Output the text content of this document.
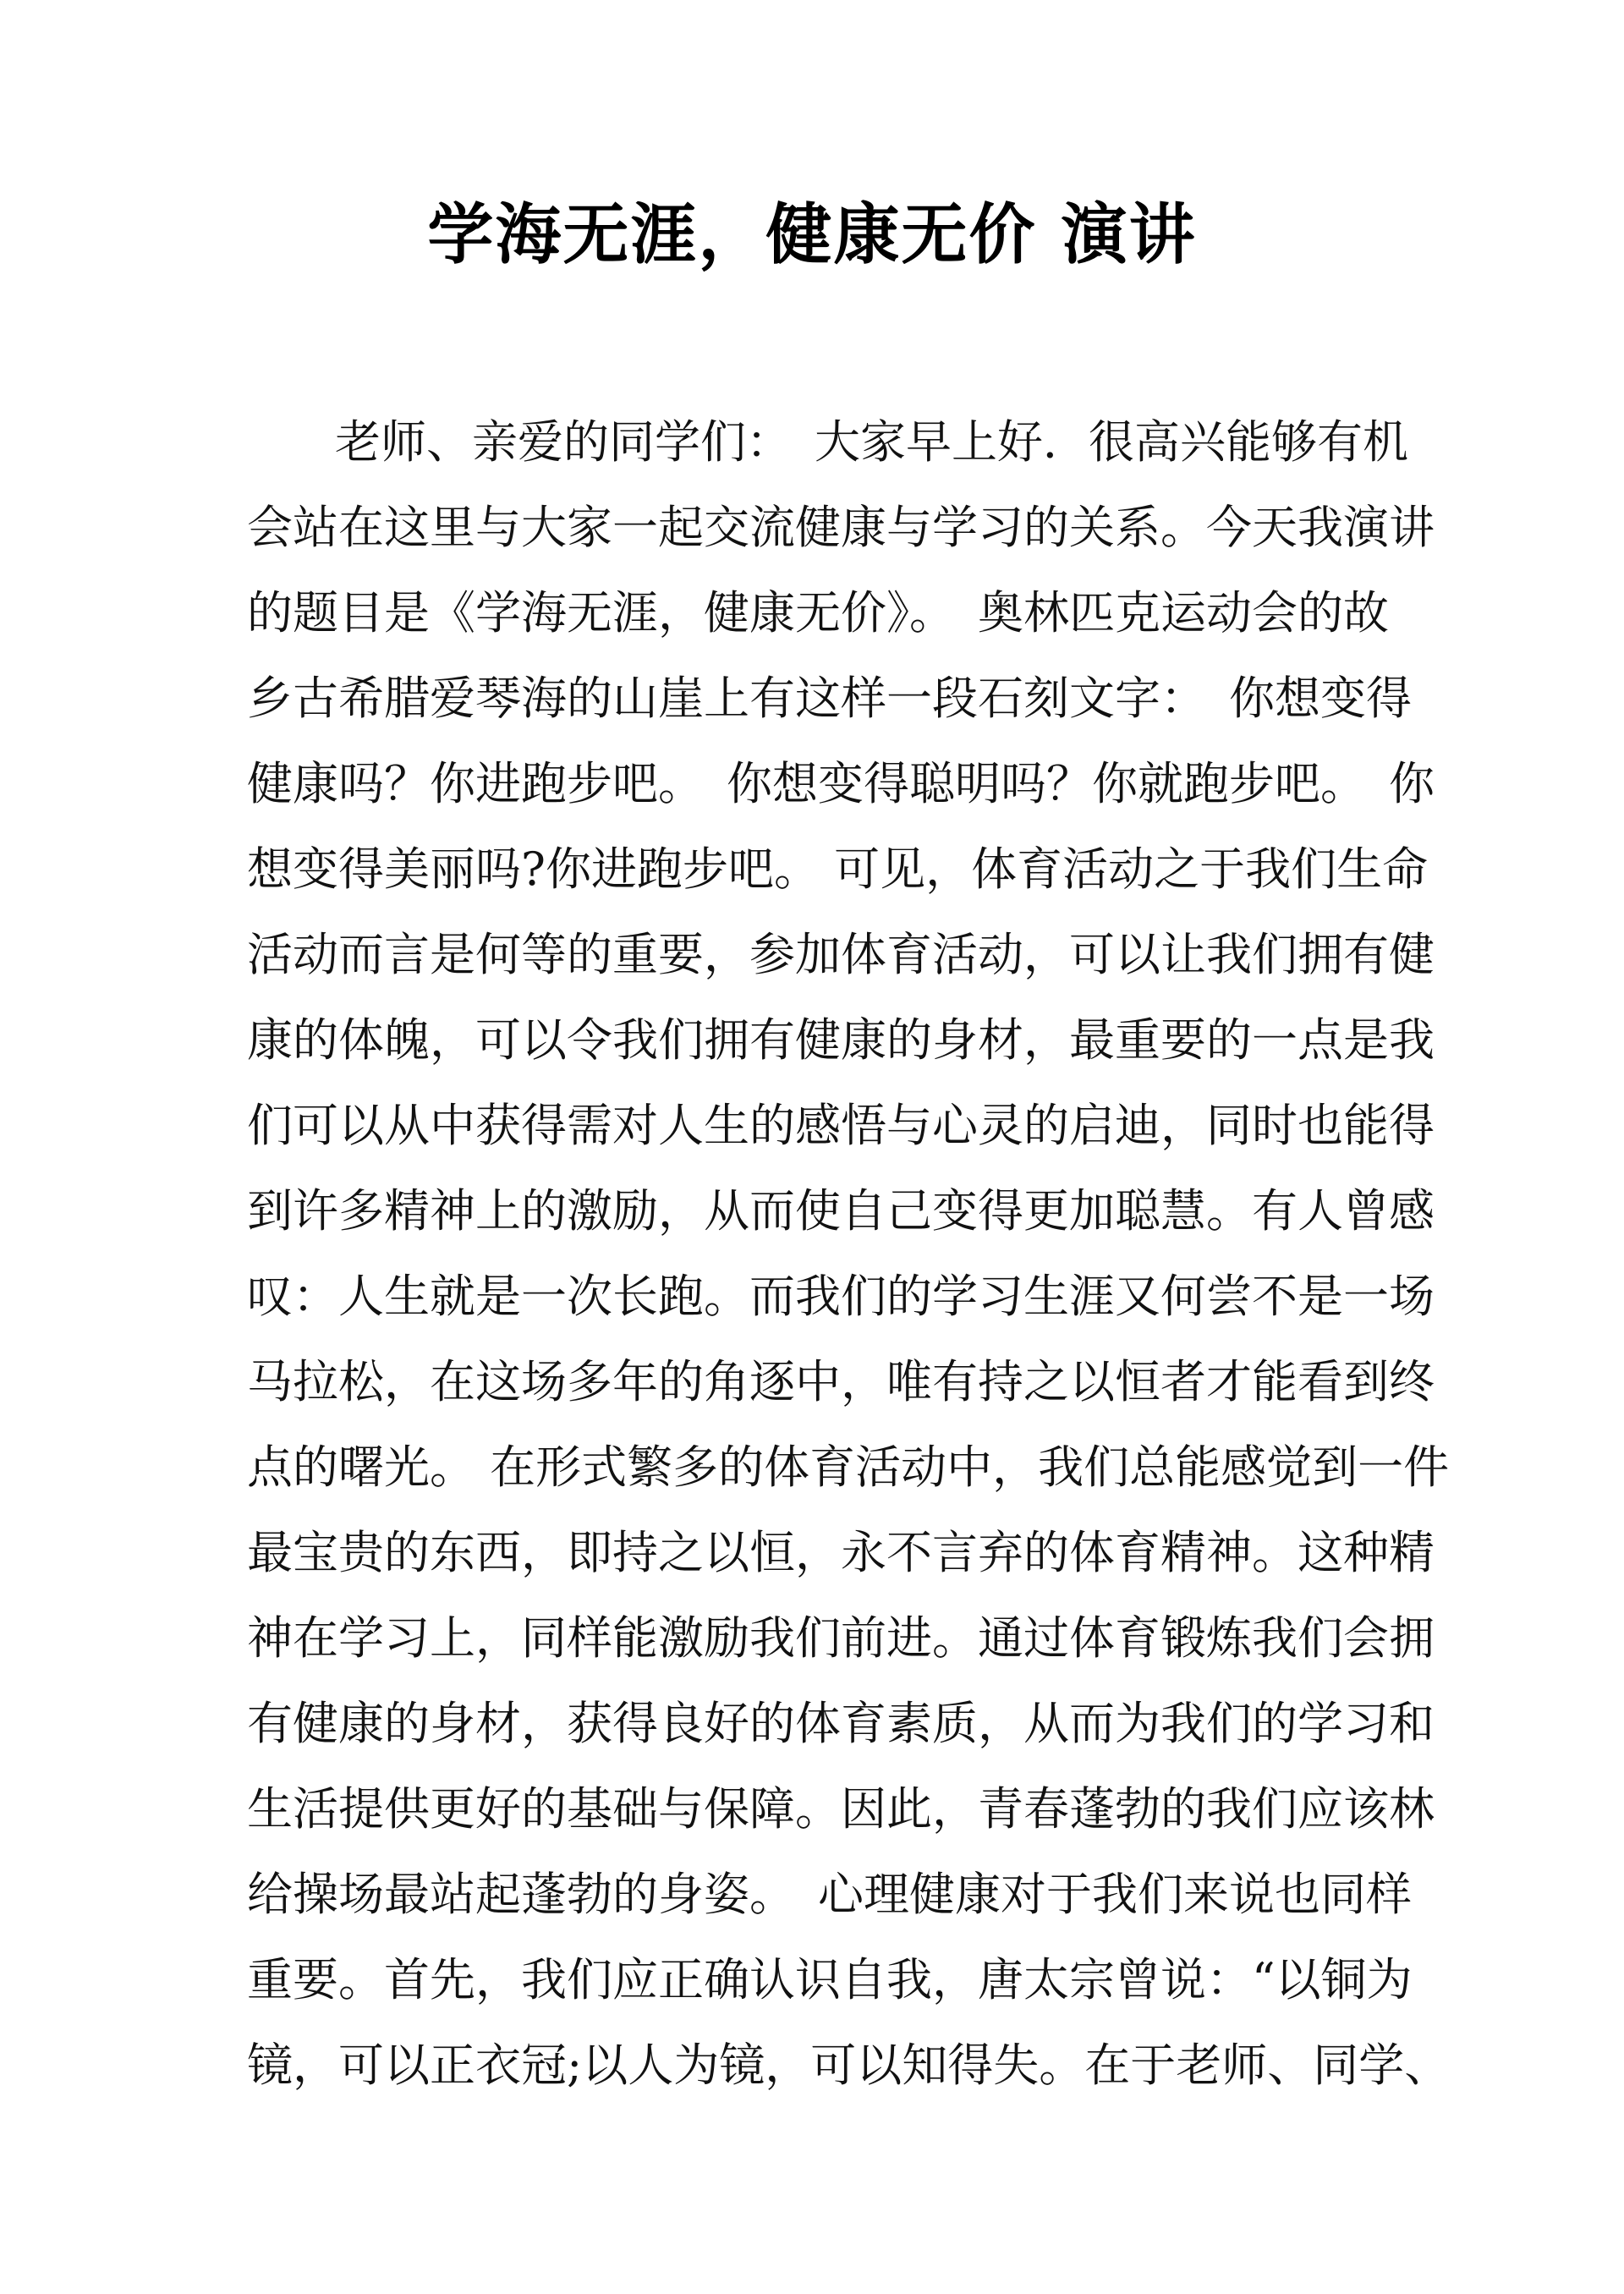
学海无涯，健康无价 演讲
老师、亲爱的同学们：　大家早上好．很高兴能够有机
会站在这里与大家一起交流健康与学习的关系。今天我演讲
的题目是《学海无涯，健康无价》。　奥林匹克运动会的故
乡古希腊爱琴海的山崖上有这样一段石刻文字：　你想变得
健康吗？你进跑步吧。　你想变得聪明吗？你就跑步吧。　你
想变得美丽吗?你进跑步吧。 可见，体育活动之于我们生命
活动而言是何等的重要，参加体育活动，可以让我们拥有健
康的体魄，可以令我们拥有健康的身材，最重要的一点是我
们可以从中获得需对人生的感悟与心灵的启迪，同时也能得
到许多精神上的激励，从而使自己变得更加聪慧。有人曾感
叹：人生就是一次长跑。而我们的学习生涯又何尝不是一场
马拉松，在这场多年的角逐中，唯有持之以恒者才能看到终
点的曙光。 在形式繁多的体育活动中，我们总能感觉到一件
最宝贵的东西，即持之以恒，永不言弃的体育精神。这种精
神在学习上，同样能激励我们前进。通过体育锻炼我们会拥
有健康的身材，获得良好的体育素质，从而为我们的学习和
生活提供更好的基础与保障。因此，青春蓬勃的我们应该林
给操场最站起蓬勃的身姿。　心理健康对于我们来说也同样
重要。首先，我们应正确认识自我，唐太宗曾说：“以铜为
镜，可以正衣冠;以人为镜，可以知得失。在于老师、同学、
